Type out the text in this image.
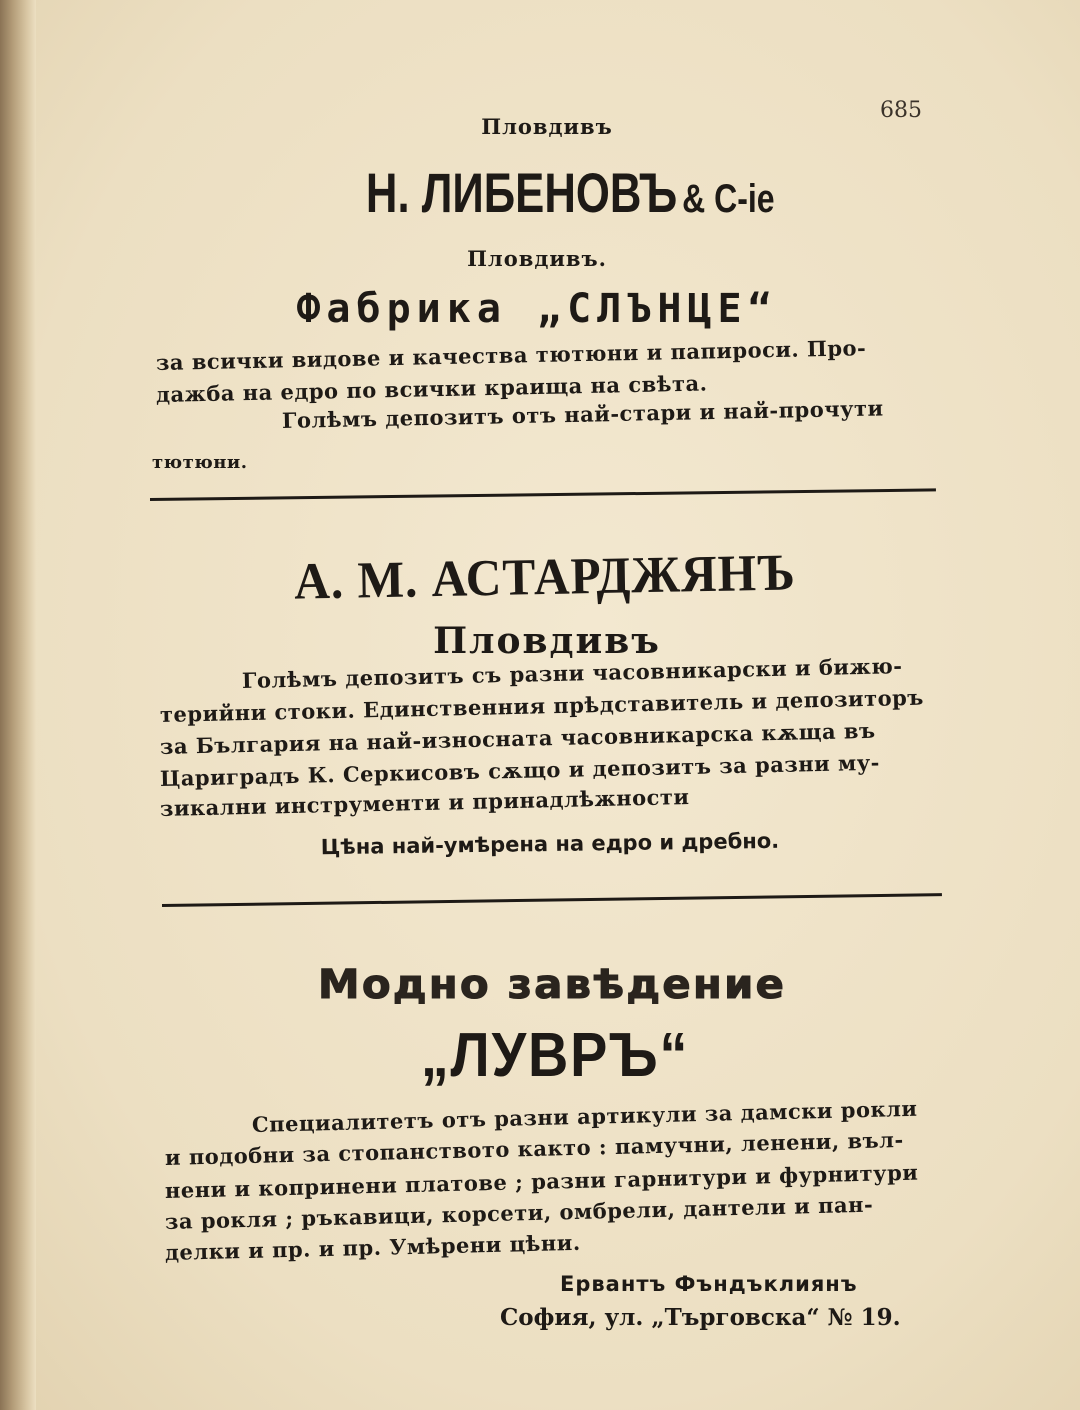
685
Пловдивъ
Н. ЛИБЕНОВЪ & С-ie
Пловдивъ.
Фабрика „СЛЪНЦЕ“
за всички видове и качества тютюни и папироси. Про-
дажба на едро по всички краища на свѣта.
Голѣмъ депозитъ отъ най-стари и най-прочути
тютюни.
А. М. АСТАРДЖЯНЪ
Пловдивъ
Голѣмъ депозитъ съ разни часовникарски и бижю-
терийни стоки. Единственния прѣдставитель и депозиторъ
за България на най-износната часовникарска кѫща въ
Цариградъ К. Серкисовъ сѫщо и депозитъ за разни му-
зикални инструменти и принадлѣжности
Цѣна най-умѣрена на едро и дребно.
Модно завѣдение
„ЛУВРЪ“
Специалитетъ отъ разни артикули за дамски рокли
и подобни за стопанството както : памучни, ленени, въл-
нени и копринени платове ; разни гарнитури и фурнитури
за рокля ; ръкавици, корсети, омбрели, дантели и пан-
делки и пр. и пр. Умѣрени цѣни.
Ервантъ Фъндъклиянъ
София, ул. „Търговска“ № 19.
